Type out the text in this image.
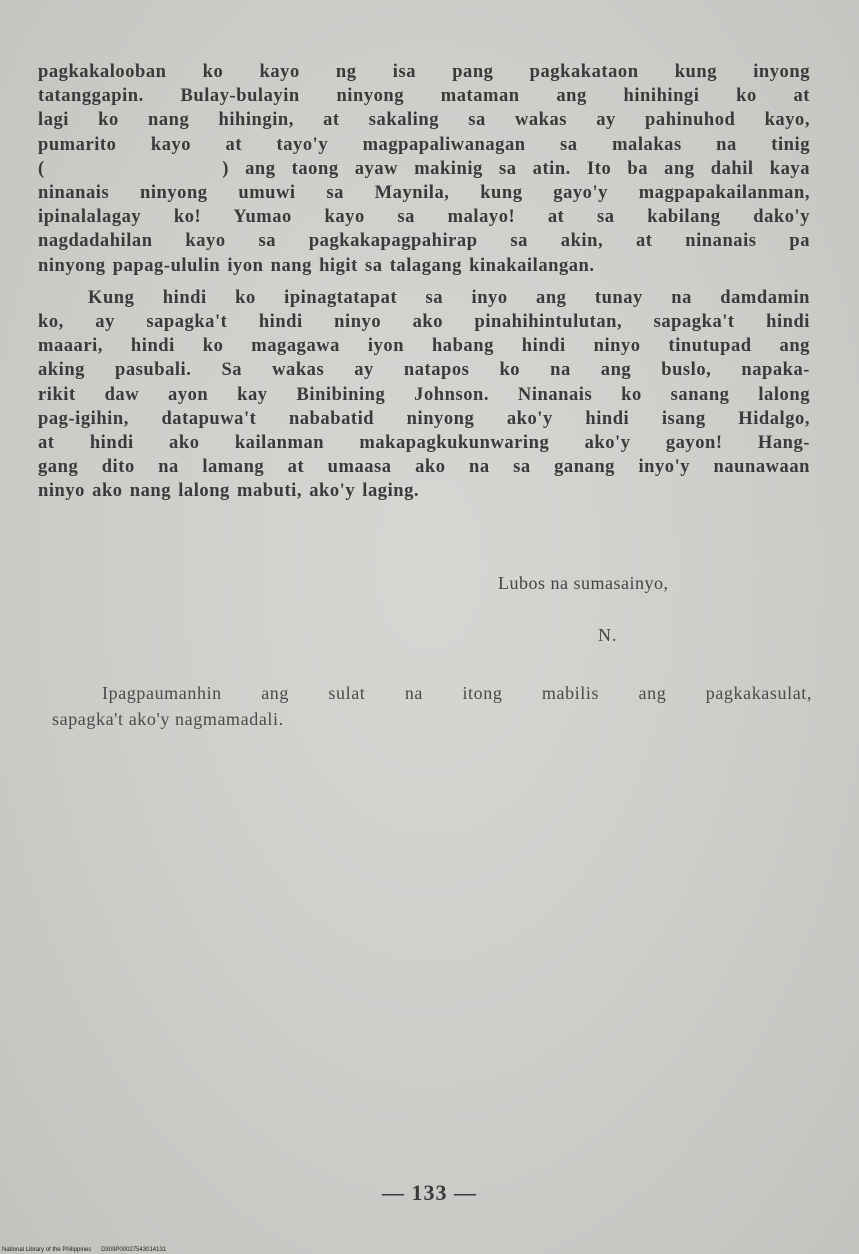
pagkakalooban ko kayo ng isa pang pagkakataon kung inyong
tatanggapin. Bulay-bulayin ninyong mataman ang hinihingi ko at
lagi ko nang hihingin, at sakaling sa wakas ay pahinuhod kayo,
pumarito kayo at tayo'y magpapaliwanagan sa malakas na tinig
(           ) ang taong ayaw makinig sa atin. Ito ba ang dahil kaya
ninanais ninyong umuwi sa Maynila, kung gayo'y magpapakailanman,
ipinalalagay ko! Yumao kayo sa malayo! at sa kabilang dako'y
nagdadahilan kayo sa pagkakapagpahirap sa akin, at ninanais pa
ninyong papag-ululin iyon nang higit sa talagang kinakailangan.
Kung hindi ko ipinagtatapat sa inyo ang tunay na damdamin
ko, ay sapagka't hindi ninyo ako pinahihintulutan, sapagka't hindi
maaari, hindi ko magagawa iyon habang hindi ninyo tinutupad ang
aking pasubali. Sa wakas ay natapos ko na ang buslo, napaka-
rikit daw ayon kay Binibining Johnson. Ninanais ko sanang lalong
pag-igihin, datapuwa't nababatid ninyong ako'y hindi isang Hidalgo,
at hindi ako kailanman makapagkukunwaring ako'y gayon! Hang-
gang dito na lamang at umaasa ako na sa ganang inyo'y naunawaan
ninyo ako nang lalong mabuti, ako'y laging.
Lubos na sumasainyo,
N.
Ipagpaumanhin ang sulat na itong mabilis ang pagkakasulat,
sapagka't ako'y nagmamadali.
— 133 —
National Library of the Philippines D309P00027543014131
